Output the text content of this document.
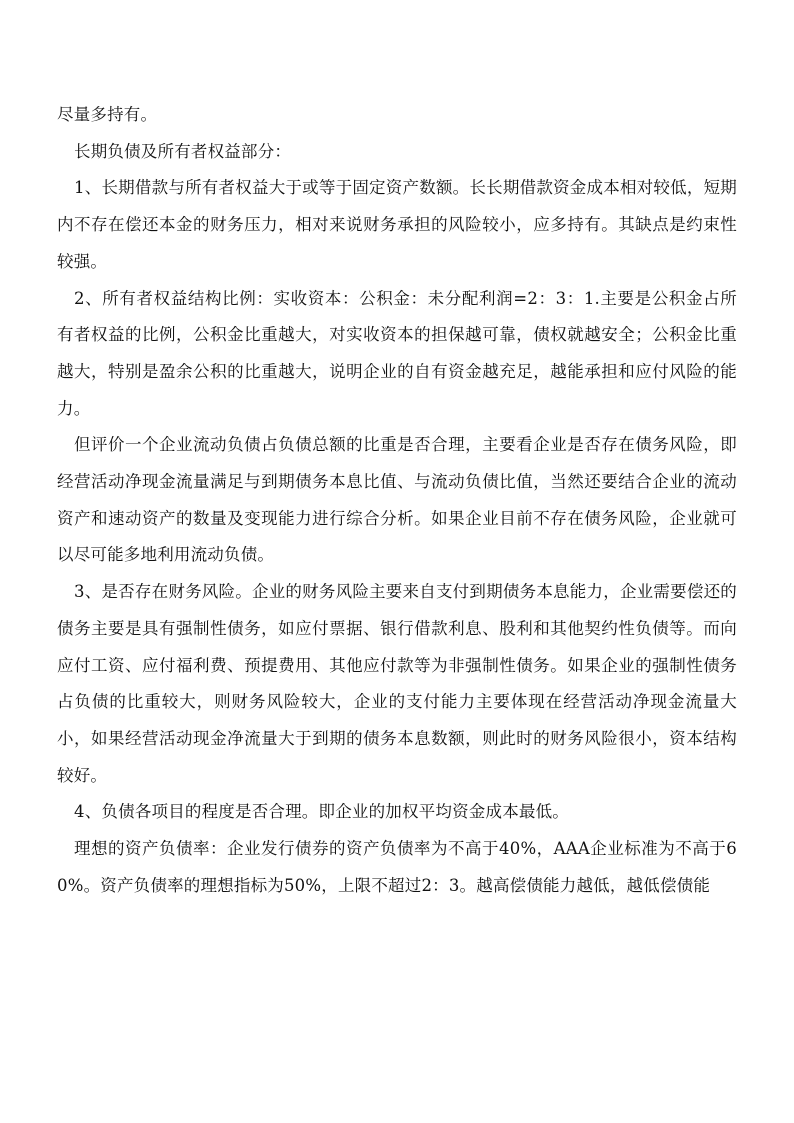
尽量多持有。

长期负债及所有者权益部分：

1、长期借款与所有者权益大于或等于固定资产数额。长长期借款资金成本相对较低，短期内不存在偿还本金的财务压力，相对来说财务承担的风险较小，应多持有。其缺点是约束性较强。

2、所有者权益结构比例：实收资本：公积金：未分配利润=2：3：1.主要是公积金占所有者权益的比例，公积金比重越大，对实收资本的担保越可靠，债权就越安全；公积金比重越大，特别是盈余公积的比重越大，说明企业的自有资金越充足，越能承担和应付风险的能力。

但评价一个企业流动负债占负债总额的比重是否合理，主要看企业是否存在债务风险，即经营活动净现金流量满足与到期债务本息比值、与流动负债比值，当然还要结合企业的流动资产和速动资产的数量及变现能力进行综合分析。如果企业目前不存在债务风险，企业就可以尽可能多地利用流动负债。

3、是否存在财务风险。企业的财务风险主要来自支付到期债务本息能力，企业需要偿还的债务主要是具有强制性债务，如应付票据、银行借款利息、股利和其他契约性负债等。而向应付工资、应付福利费、预提费用、其他应付款等为非强制性债务。如果企业的强制性债务占负债的比重较大，则财务风险较大，企业的支付能力主要体现在经营活动净现金流量大小，如果经营活动现金净流量大于到期的债务本息数额，则此时的财务风险很小，资本结构较好。

4、负债各项目的程度是否合理。即企业的加权平均资金成本最低。

理想的资产负债率：企业发行债券的资产负债率为不高于40%，AAA企业标准为不高于60%。资产负债率的理想指标为50%，上限不超过2：3。越高偿债能力越低，越低偿债能
